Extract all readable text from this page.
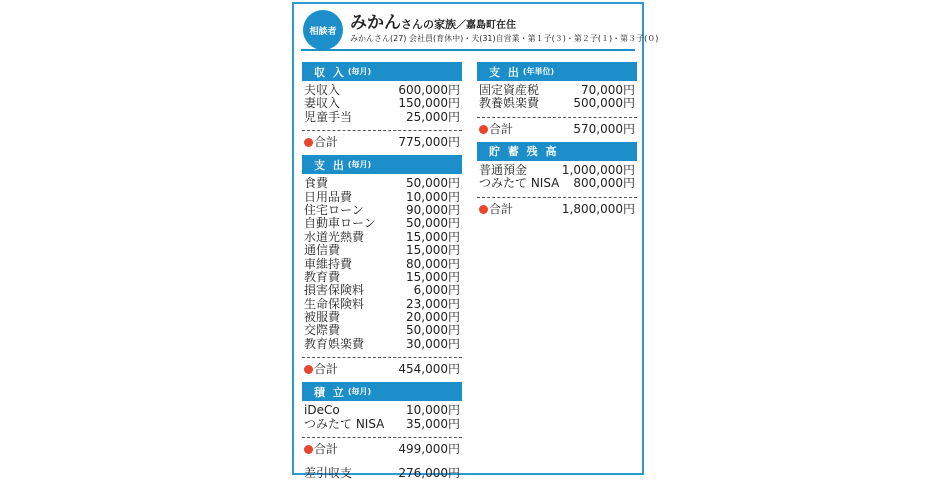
相談者 みかんさんの家族／嘉島町在住
みかんさん(27) 会社員(育休中)・夫(31)自営業・第１子(３)・第２子(１)・第３子(０)
収 入 (毎月)
夫収入	600,000円
妻収入	150,000円
児童手当	25,000円
合計	775,000円
支 出 (毎月)
食費	50,000円
日用品費	10,000円
住宅ローン	90,000円
自動車ローン	50,000円
水道光熱費	15,000円
通信費	15,000円
車維持費	80,000円
教育費	15,000円
損害保険料	6,000円
生命保険料	23,000円
被服費	20,000円
交際費	50,000円
教育娯楽費	30,000円
合計	454,000円
積 立 (毎月)
iDeCo	10,000円
つみたて NISA 35,000円
合計	499,000円
差引収支	276,000円
支 出 (年単位)
固定資産税	70,000円
教養娯楽費	500,000円
合計	570,000円
貯 蓄 残 高
普通預金	1,000,000円
つみたて NISA 800,000円
合計	1,800,000円
